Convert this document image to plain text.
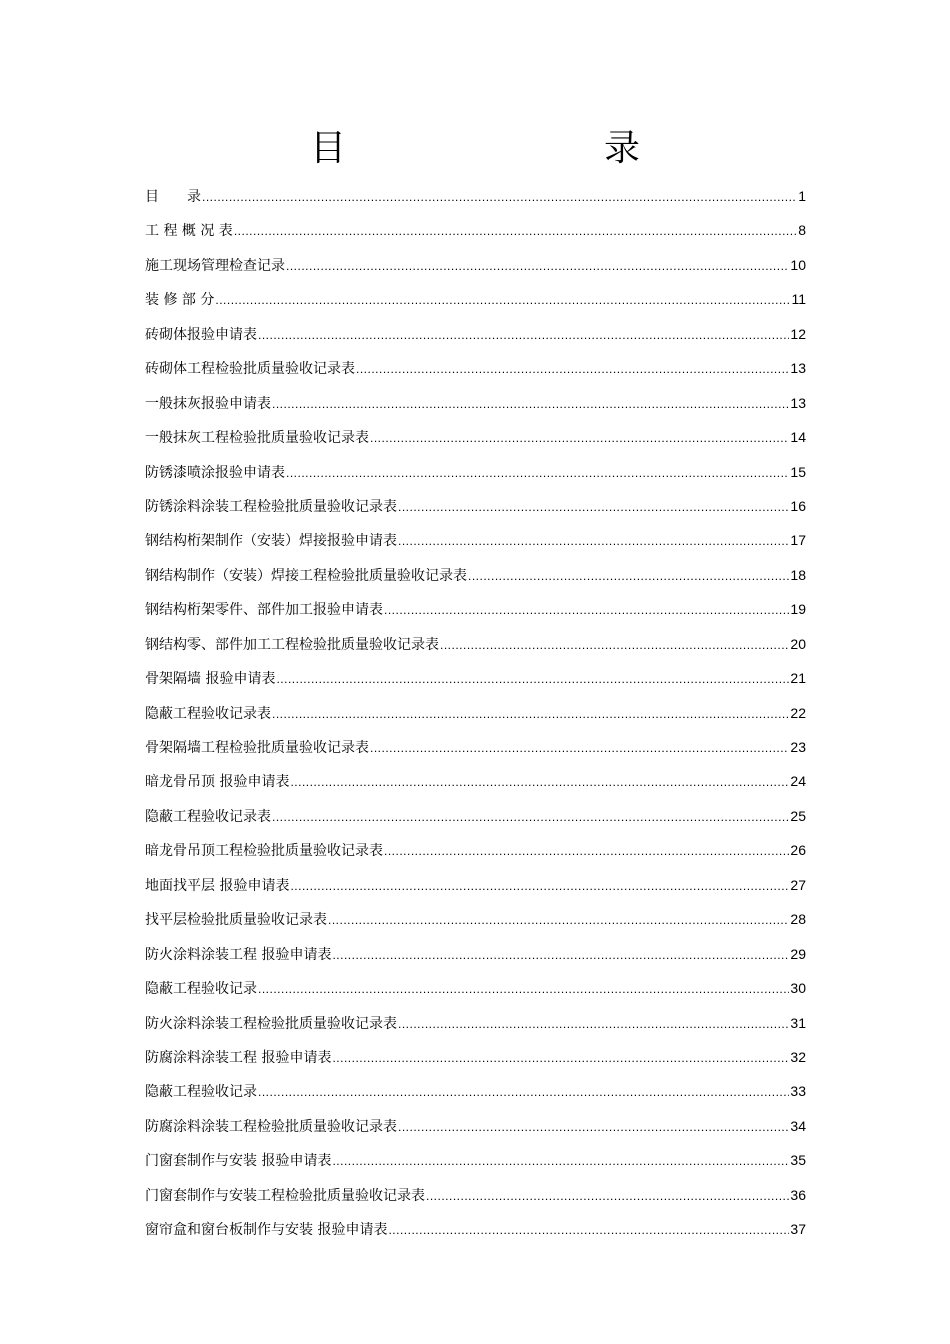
目　　录
目　　录 .....	1
工 程 概 况 表 .....	8
施工现场管理检查记录 .....	10
装 修 部 分 .....	11
砖砌体报验申请表 .....	12
砖砌体工程检验批质量验收记录表 .....	13
一般抹灰报验申请表 .....	13
一般抹灰工程检验批质量验收记录表 .....	14
防锈漆喷涂报验申请表 .....	15
防锈涂料涂装工程检验批质量验收记录表 .....	16
钢结构桁架制作（安装）焊接报验申请表 .....	17
钢结构制作（安装）焊接工程检验批质量验收记录表 .....	18
钢结构桁架零件、部件加工报验申请表 .....	19
钢结构零、部件加工工程检验批质量验收记录表 .....	20
骨架隔墙 报验申请表 .....	21
隐蔽工程验收记录表 .....	22
骨架隔墙工程检验批质量验收记录表 .....	23
暗龙骨吊顶 报验申请表 .....	24
隐蔽工程验收记录表 .....	25
暗龙骨吊顶工程检验批质量验收记录表 .....	26
地面找平层 报验申请表 .....	27
找平层检验批质量验收记录表 .....	28
防火涂料涂装工程 报验申请表 .....	29
隐蔽工程验收记录 .....	30
防火涂料涂装工程检验批质量验收记录表 .....	31
防腐涂料涂装工程 报验申请表 .....	32
隐蔽工程验收记录 .....	33
防腐涂料涂装工程检验批质量验收记录表 .....	34
门窗套制作与安装 报验申请表 .....	35
门窗套制作与安装工程检验批质量验收记录表 .....	36
窗帘盒和窗台板制作与安装 报验申请表 .....	37
